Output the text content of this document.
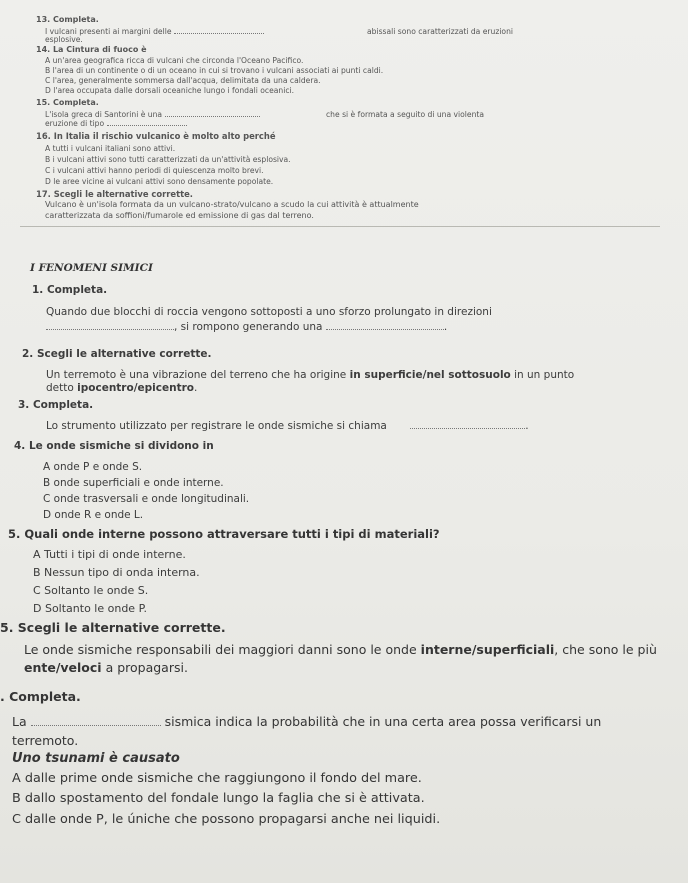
13. Completa.
I vulcani presenti ai margini delle	abissali sono caratterizzati da eruzioni
esplosive.
14. La Cintura di fuoco è
A un'area geografica ricca di vulcani che circonda l'Oceano Pacifico.
B l'area di un continente o di un oceano in cui si trovano i vulcani associati ai punti caldi.
C l'area, generalmente sommersa dall'acqua, delimitata da una caldera.
D l'area occupata dalle dorsali oceaniche lungo i fondali oceanici.
15. Completa.
L'isola greca di Santorini è una	che si è formata a seguito di una violenta
eruzione di tipo
16. In Italia il rischio vulcanico è molto alto perché
A tutti i vulcani italiani sono attivi.
B i vulcani attivi sono tutti caratterizzati da un'attività esplosiva.
C i vulcani attivi hanno periodi di quiescenza molto brevi.
D le aree vicine ai vulcani attivi sono densamente popolate.
17. Scegli le alternative corrette.
Vulcano è un'isola formata da un vulcano-strato/vulcano a scudo la cui attività è attualmente
caratterizzata da soffioni/fumarole ed emissione di gas dal terreno.
I FENOMENI SIMICI
1. Completa.
Quando due blocchi di roccia vengono sottoposti a uno sforzo prolungato in direzioni
, si rompono generando una	.
2. Scegli le alternative corrette.
Un terremoto è una vibrazione del terreno che ha origine in superficie/nel sottosuolo in un punto
detto ipocentro/epicentro.
3. Completa.
Lo strumento utilizzato per registrare le onde sismiche si chiama	.
4. Le onde sismiche si dividono in
A onde P e onde S.
B onde superficiali e onde interne.
C onde trasversali e onde longitudinali.
D onde R e onde L.
5. Quali onde interne possono attraversare tutti i tipi di materiali?
A Tutti i tipi di onde interne.
B Nessun tipo di onda interna.
C Soltanto le onde S.
D Soltanto le onde P.
5. Scegli le alternative corrette.
Le onde sismiche responsabili dei maggiori danni sono le onde interne/superficiali, che sono le più
ente/veloci a propagarsi.
. Completa.
La	sismica indica la probabilità che in una certa area possa verificarsi un
terremoto.
Uno tsunami è causato
A dalle prime onde sismiche che raggiungono il fondo del mare.
B dallo spostamento del fondale lungo la faglia che si è attivata.
C dalle onde P, le úniche che possono propagarsi anche nei liquidi.
